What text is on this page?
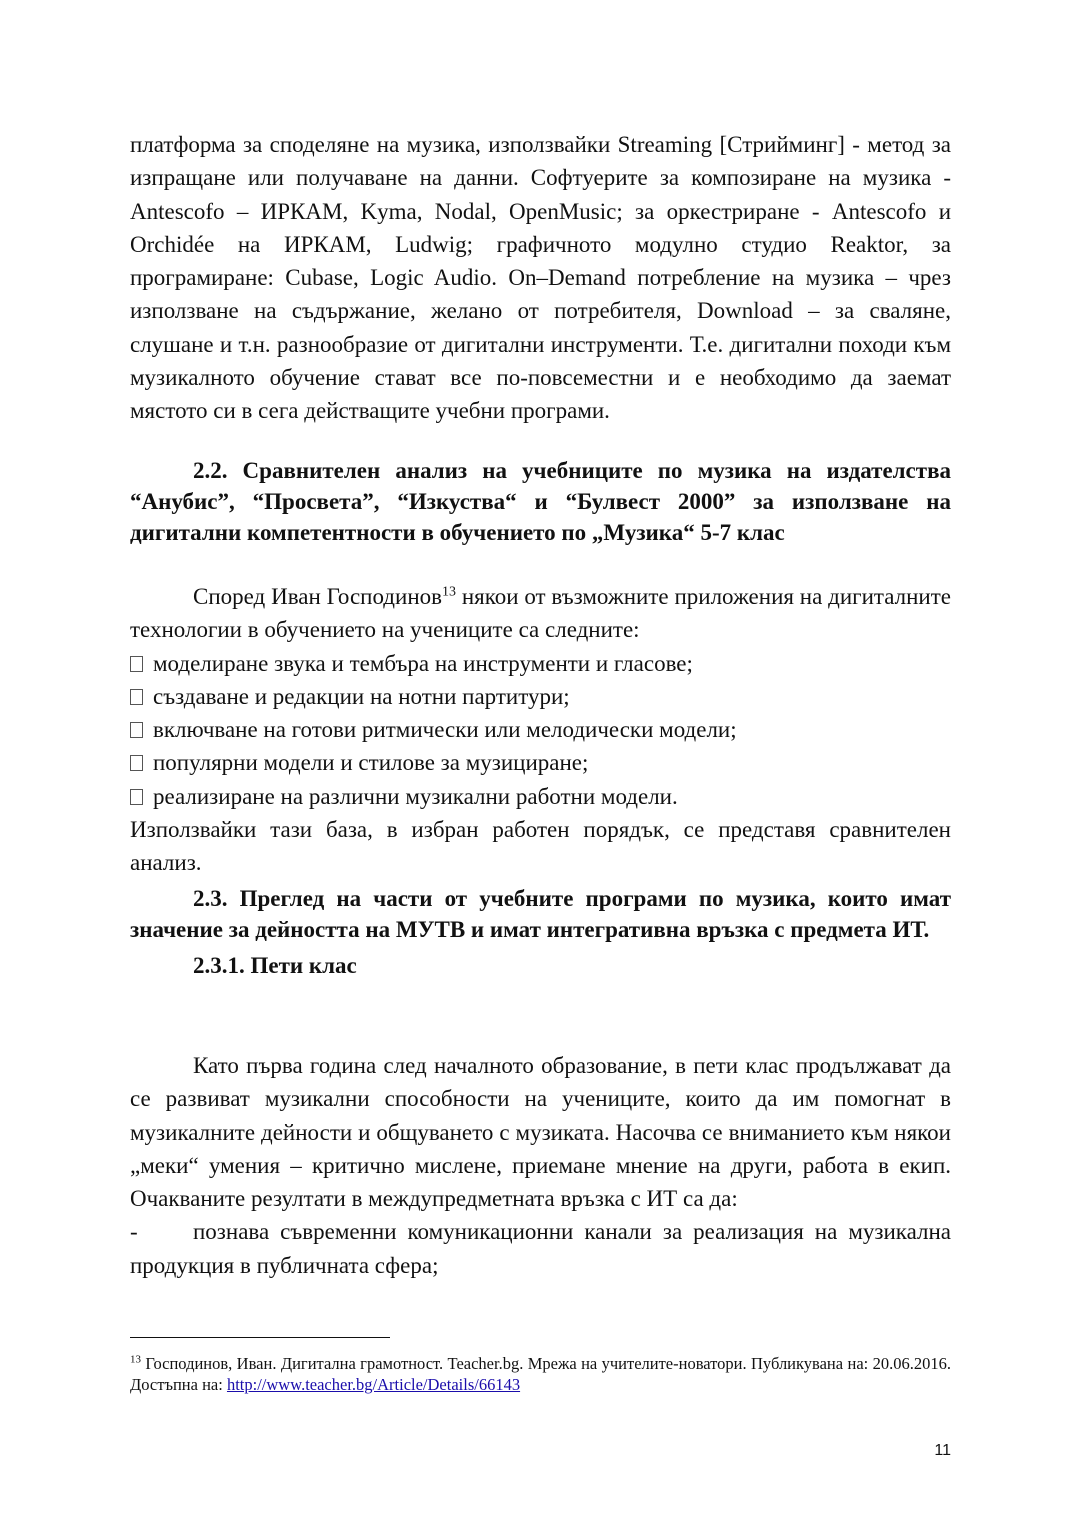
платформа за споделяне на музика, използвайки Streaming [Стрийминг] - метод за изпращане или получаване на данни. Софтуерите за композиране на музика - Antescofo – ИРКАМ, Kyma, Nodal, OpenMusic; за оркестриране - Antescofo и Orchidée на ИРКАМ, Ludwig; графичното модулно студио Reaktor, за програмиране: Cubase, Logic Audio. On–Demand потребление на музика – чрез използване на съдържание, желано от потребителя, Download – за сваляне, слушане и т.н. разнообразие от дигитални инструменти. Т.е. дигитални походи към музикалното обучение стават все по-повсеместни и е необходимо да заемат мястото си в сега действащите учебни програми.

2.2. Сравнителен анализ на учебниците по музика на издателства “Анубис”, “Просвета”, “Изкуства“ и “Булвест 2000” за използване на дигитални компетентности в обучението по „Музика“ 5-7 клас

Според Иван Господинов$^{13}$ някои от възможните приложения на дигиталните технологии в обучението на учениците са следните:

моделиране звука и тембъра на инструменти и гласове;

създаване и редакции на нотни партитури;

включване на готови ритмически или мелодически модели;

популярни модели и стилове за музициране;

реализиране на различни музикални работни модели.

Използвайки тази база, в избран работен порядък, се представя сравнителен анализ.

2.3. Преглед на части от учебните програми по музика, които имат значение за дейността на МУТВ и имат интегративна връзка с предмета ИТ.

2.3.1. Пети клас

Като първа година след началното образование, в пети клас продължават да се развиват музикални способности на учениците, които да им помогнат в музикалните дейности и общуването с музиката. Насочва се вниманието към някои „меки“ умения – критично мислене, приемане мнение на други, работа в екип. Очакваните резултати в междупредметната връзка с ИТ са да:

- познава съвременни комуникационни канали за реализация на музикална продукция в публичната сфера;

$^{13}$ Господинов, Иван. Дигитална грамотност. Teacher.bg. Мрежа на учителите-новатори. Публикувана на: 20.06.2016. Достъпна на: http://www.teacher.bg/Article/Details/66143

11
